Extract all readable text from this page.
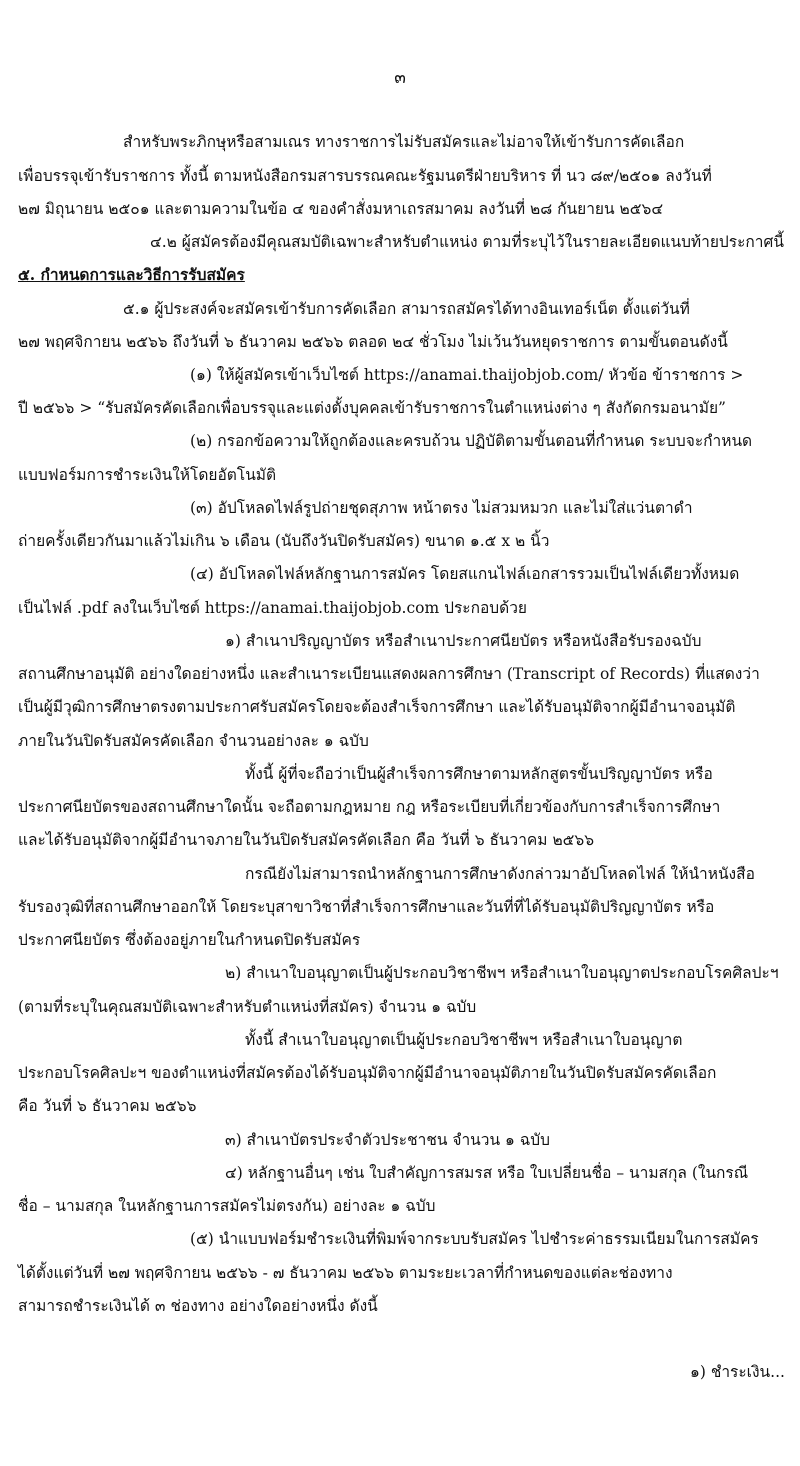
๓
สำหรับพระภิกษุหรือสามเณร ทางราชการไม่รับสมัครและไม่อาจให้เข้ารับการคัดเลือก
เพื่อบรรจุเข้ารับราชการ ทั้งนี้ ตามหนังสือกรมสารบรรณคณะรัฐมนตรีฝ่ายบริหาร ที่ นว ๘๙/๒๕๐๑ ลงวันที่
๒๗ มิถุนายน ๒๕๐๑ และตามความในข้อ ๔ ของคำสั่งมหาเถรสมาคม ลงวันที่ ๒๘ กันยายน ๒๕๖๔
๔.๒ ผู้สมัครต้องมีคุณสมบัติเฉพาะสำหรับตำแหน่ง ตามที่ระบุไว้ในรายละเอียดแนบท้ายประกาศนี้
๕. กำหนดการและวิธีการรับสมัคร
๕.๑ ผู้ประสงค์จะสมัครเข้ารับการคัดเลือก สามารถสมัครได้ทางอินเทอร์เน็ต ตั้งแต่วันที่
๒๗ พฤศจิกายน ๒๕๖๖ ถึงวันที่ ๖ ธันวาคม ๒๕๖๖ ตลอด ๒๔ ชั่วโมง ไม่เว้นวันหยุดราชการ ตามขั้นตอนดังนี้
(๑) ให้ผู้สมัครเข้าเว็บไซต์ https://anamai.thaijobjob.com/ หัวข้อ ข้าราชการ >
ปี ๒๕๖๖ > “รับสมัครคัดเลือกเพื่อบรรจุและแต่งตั้งบุคคลเข้ารับราชการในตำแหน่งต่าง ๆ สังกัดกรมอนามัย”
(๒) กรอกข้อความให้ถูกต้องและครบถ้วน ปฏิบัติตามขั้นตอนที่กำหนด ระบบจะกำหนด
แบบฟอร์มการชำระเงินให้โดยอัตโนมัติ
(๓) อัปโหลดไฟล์รูปถ่ายชุดสุภาพ หน้าตรง ไม่สวมหมวก และไม่ใส่แว่นตาดำ
ถ่ายครั้งเดียวกันมาแล้วไม่เกิน ๖ เดือน (นับถึงวันปิดรับสมัคร) ขนาด ๑.๕ x ๒ นิ้ว
(๔) อัปโหลดไฟล์หลักฐานการสมัคร โดยสแกนไฟล์เอกสารรวมเป็นไฟล์เดียวทั้งหมด
เป็นไฟล์ .pdf ลงในเว็บไซต์ https://anamai.thaijobjob.com ประกอบด้วย
๑) สำเนาปริญญาบัตร หรือสำเนาประกาศนียบัตร หรือหนังสือรับรองฉบับ
สถานศึกษาอนุมัติ อย่างใดอย่างหนึ่ง และสำเนาระเบียนแสดงผลการศึกษา (Transcript of Records) ที่แสดงว่า
เป็นผู้มีวุฒิการศึกษาตรงตามประกาศรับสมัครโดยจะต้องสำเร็จการศึกษา และได้รับอนุมัติจากผู้มีอำนาจอนุมัติ
ภายในวันปิดรับสมัครคัดเลือก จำนวนอย่างละ ๑ ฉบับ
ทั้งนี้ ผู้ที่จะถือว่าเป็นผู้สำเร็จการศึกษาตามหลักสูตรขั้นปริญญาบัตร หรือ
ประกาศนียบัตรของสถานศึกษาใดนั้น จะถือตามกฎหมาย กฎ หรือระเบียบที่เกี่ยวข้องกับการสำเร็จการศึกษา
และได้รับอนุมัติจากผู้มีอำนาจภายในวันปิดรับสมัครคัดเลือก คือ วันที่ ๖ ธันวาคม ๒๕๖๖
กรณียังไม่สามารถนำหลักฐานการศึกษาดังกล่าวมาอัปโหลดไฟล์ ให้นำหนังสือ
รับรองวุฒิที่สถานศึกษาออกให้ โดยระบุสาขาวิชาที่สำเร็จการศึกษาและวันที่ที่ได้รับอนุมัติปริญญาบัตร หรือ
ประกาศนียบัตร ซึ่งต้องอยู่ภายในกำหนดปิดรับสมัคร
๒) สำเนาใบอนุญาตเป็นผู้ประกอบวิชาชีพฯ หรือสำเนาใบอนุญาตประกอบโรคศิลปะฯ
(ตามที่ระบุในคุณสมบัติเฉพาะสำหรับตำแหน่งที่สมัคร) จำนวน ๑ ฉบับ
ทั้งนี้ สำเนาใบอนุญาตเป็นผู้ประกอบวิชาชีพฯ หรือสำเนาใบอนุญาต
ประกอบโรคศิลปะฯ ของตำแหน่งที่สมัครต้องได้รับอนุมัติจากผู้มีอำนาจอนุมัติภายในวันปิดรับสมัครคัดเลือก
คือ วันที่ ๖ ธันวาคม ๒๕๖๖
๓) สำเนาบัตรประจำตัวประชาชน จำนวน ๑ ฉบับ
๔) หลักฐานอื่นๆ เช่น ใบสำคัญการสมรส หรือ ใบเปลี่ยนชื่อ – นามสกุล (ในกรณี
ชื่อ – นามสกุล ในหลักฐานการสมัครไม่ตรงกัน) อย่างละ ๑ ฉบับ
(๕) นำแบบฟอร์มชำระเงินที่พิมพ์จากระบบรับสมัคร ไปชำระค่าธรรมเนียมในการสมัคร
ได้ตั้งแต่วันที่ ๒๗ พฤศจิกายน ๒๕๖๖ - ๗ ธันวาคม ๒๕๖๖ ตามระยะเวลาที่กำหนดของแต่ละช่องทาง
สามารถชำระเงินได้ ๓ ช่องทาง อย่างใดอย่างหนึ่ง ดังนี้
๑) ชำระเงิน...
